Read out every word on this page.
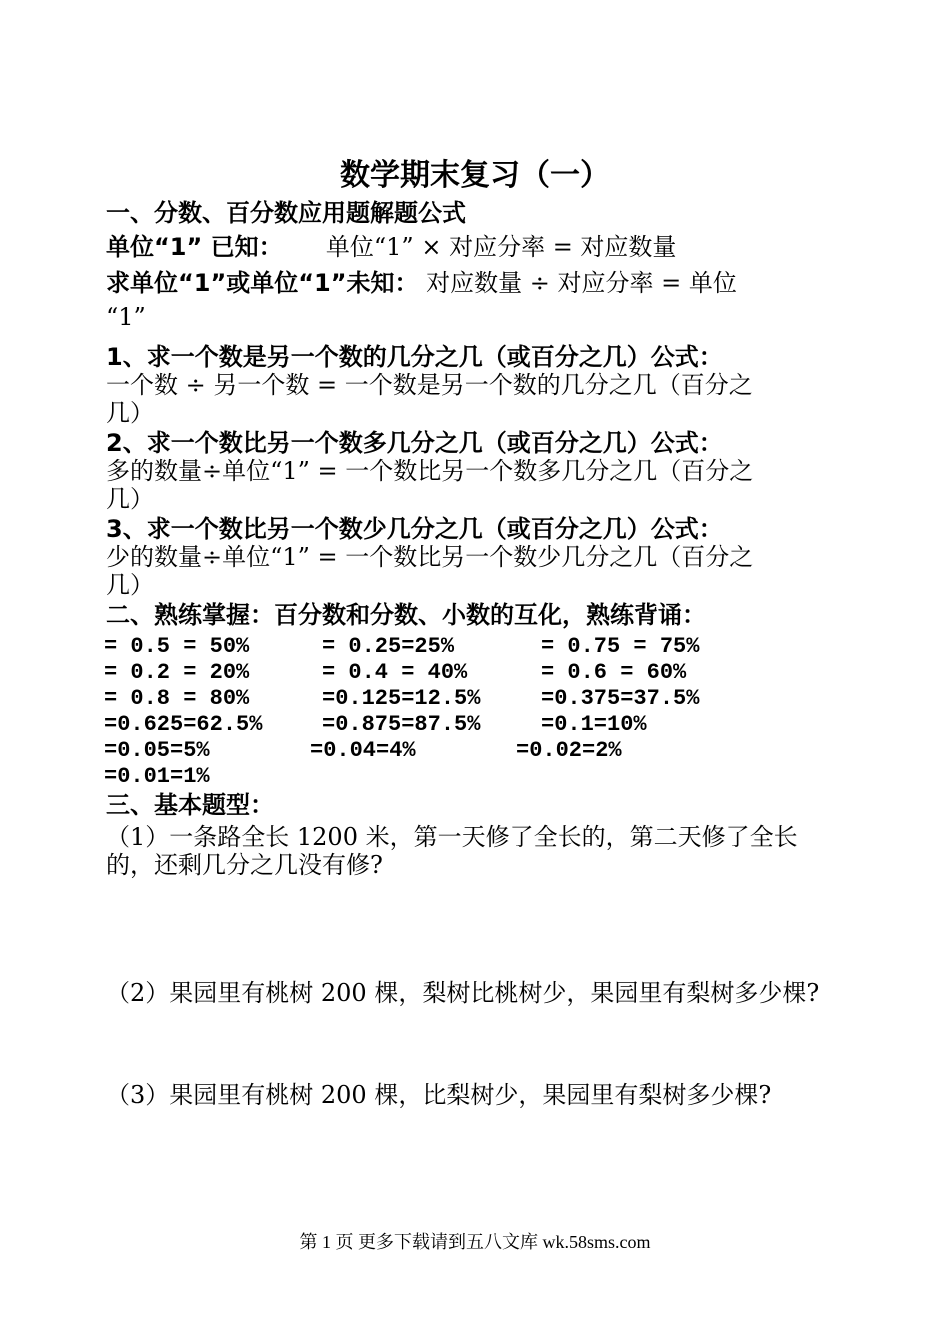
数学期末复习（一）
一、分数、百分数应用题解题公式
单位“1” 已知： 单位“1” × 对应分率 = 对应数量
求单位“1”或单位“1”未知： 对应数量 ÷ 对应分率 = 单位
“1”
1、求一个数是另一个数的几分之几（或百分之几）公式：
一个数 ÷ 另一个数 = 一个数是另一个数的几分之几（百分之
几）
2、求一个数比另一个数多几分之几（或百分之几）公式：
多的数量÷单位“1” = 一个数比另一个数多几分之几（百分之
几）
3、求一个数比另一个数少几分之几（或百分之几）公式：
少的数量÷单位“1” = 一个数比另一个数少几分之几（百分之
几）
二、熟练掌握：百分数和分数、小数的互化，熟练背诵：
= 0.5 = 50%	= 0.25=25%	= 0.75 = 75%
= 0.2 = 20%	= 0.4 = 40%	= 0.6 = 60%
= 0.8 = 80%	=0.125=12.5%	=0.375=37.5%
=0.625=62.5%	=0.875=87.5%	=0.1=10%
=0.05=5%	=0.04=4%	=0.02=2%
=0.01=1%
三、基本题型：
（1）一条路全长 1200 米，第一天修了全长的，第二天修了全长
的，还剩几分之几没有修?
（2）果园里有桃树 200 棵，梨树比桃树少，果园里有梨树多少棵?
（3）果园里有桃树 200 棵，比梨树少，果园里有梨树多少棵?
第 1 页 更多下载请到五八文库 wk.58sms.com
